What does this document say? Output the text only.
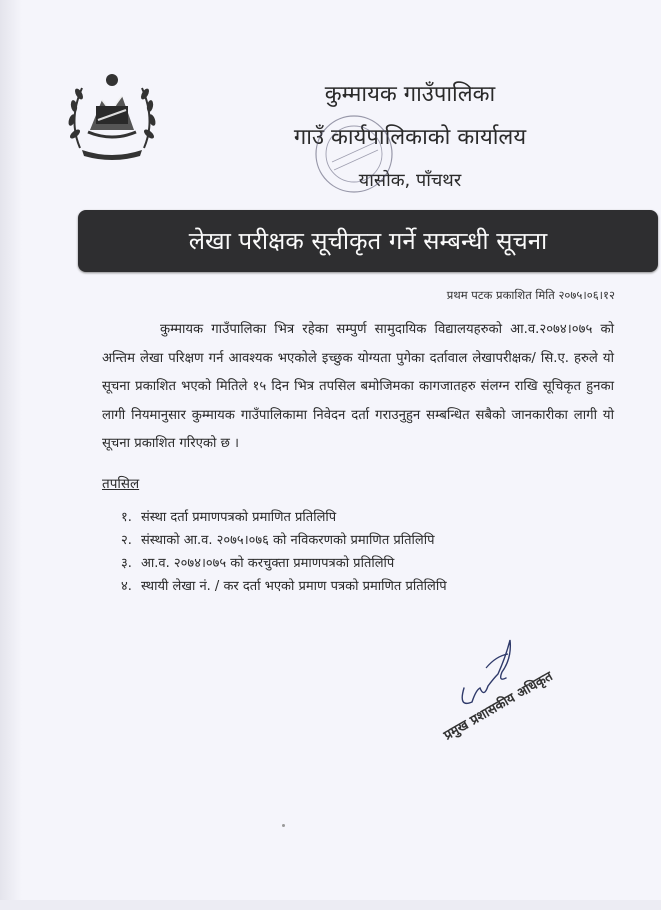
कुम्मायक गाउँपालिका
गाउँ कार्यपालिकाको कार्यालय
यासोक, पाँचथर
लेखा परीक्षक सूचीकृत गर्ने सम्बन्धी सूचना
प्रथम पटक प्रकाशित मिति २०७५।०६।१२
कुम्मायक गाउँपालिका भित्र रहेका सम्पुर्ण सामुदायिक विद्यालयहरुको आ.व.२०७४।०७५ को अन्तिम लेखा परिक्षण गर्न आवश्यक भएकोले इच्छुक योग्यता पुगेका दर्तावाल लेखापरीक्षक/ सि.ए. हरुले यो सूचना प्रकाशित भएको मितिले १५ दिन भित्र तपसिल बमोजिमका कागजातहरु संलग्न राखि सूचिकृत हुनका लागी नियमानुसार कुम्मायक गाउँपालिकामा निवेदन दर्ता गराउनुहुन सम्बन्धित सबैको जानकारीका लागी यो सूचना प्रकाशित गरिएको छ ।
तपसिल
१. संस्था दर्ता प्रमाणपत्रको प्रमाणित प्रतिलिपि
२. संस्थाको आ.व. २०७५।०७६ को नविकरणको प्रमाणित प्रतिलिपि
३. आ.व. २०७४।०७५ को करचुक्ता प्रमाणपत्रको प्रतिलिपि
४. स्थायी लेखा नं. / कर दर्ता भएको प्रमाण पत्रको प्रमाणित प्रतिलिपि
प्रमुख प्रशासकीय अधिकृत
